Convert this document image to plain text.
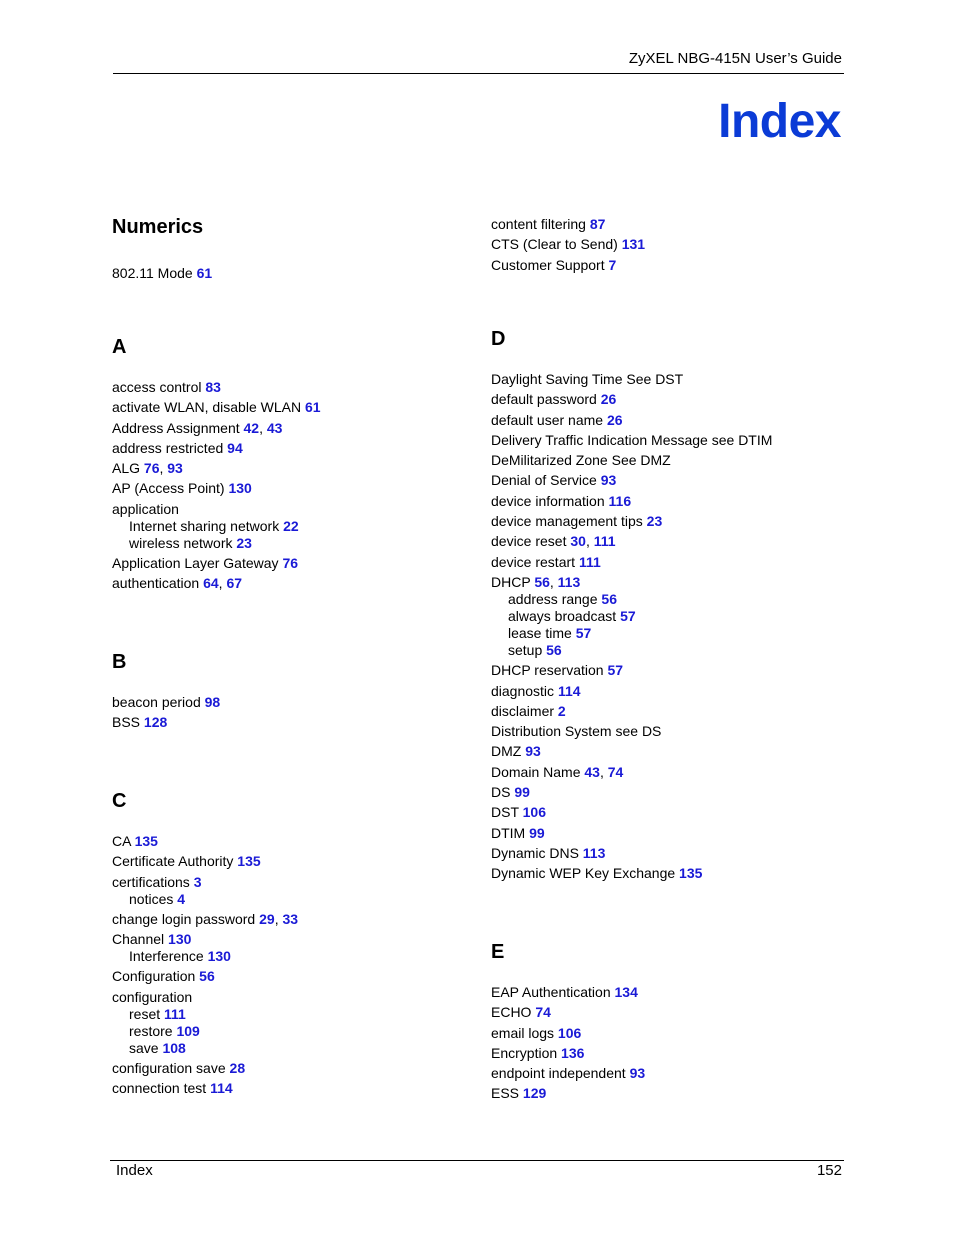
ZyXEL NBG-415N User’s Guide
Index
Numerics
802.11 Mode 61
A
access control 83
activate WLAN, disable WLAN 61
Address Assignment 42, 43
address restricted 94
ALG 76, 93
AP (Access Point) 130
application
Internet sharing network 22
wireless network 23
Application Layer Gateway 76
authentication 64, 67
B
beacon period 98
BSS 128
C
CA 135
Certificate Authority 135
certifications 3
notices 4
change login password 29, 33
Channel 130
Interference 130
Configuration 56
configuration
reset 111
restore 109
save 108
configuration save 28
connection test 114
content filtering 87
CTS (Clear to Send) 131
Customer Support 7
D
Daylight Saving Time See DST
default password 26
default user name 26
Delivery Traffic Indication Message see DTIM
DeMilitarized Zone See DMZ
Denial of Service 93
device information 116
device management tips 23
device reset 30, 111
device restart 111
DHCP 56, 113
address range 56
always broadcast 57
lease time 57
setup 56
DHCP reservation 57
diagnostic 114
disclaimer 2
Distribution System see DS
DMZ 93
Domain Name 43, 74
DS 99
DST 106
DTIM 99
Dynamic DNS 113
Dynamic WEP Key Exchange 135
E
EAP Authentication 134
ECHO 74
email logs 106
Encryption 136
endpoint independent 93
ESS 129
Index	152
